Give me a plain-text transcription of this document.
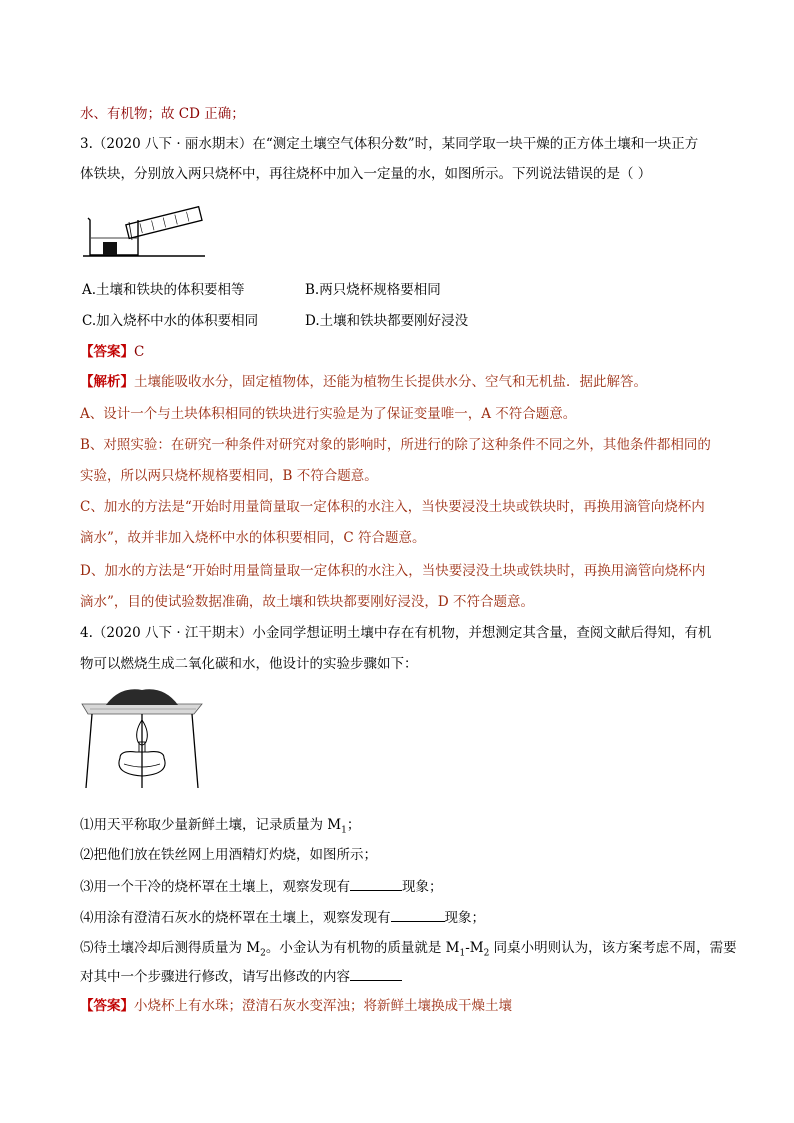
水、有机物；故 CD 正确；
3.（2020 八下 · 丽水期末）在“测定土壤空气体积分数”时，某同学取一块干燥的正方体土壤和一块正方
体铁块，分别放入两只烧杯中，再往烧杯中加入一定量的水，如图所示。下列说法错误的是（ ）
A.土壤和铁块的体积要相等	B.两只烧杯规格要相同
C.加入烧杯中水的体积要相同	D.土壤和铁块都要刚好浸没
【答案】C
【解析】土壤能吸收水分，固定植物体，还能为植物生长提供水分、空气和无机盐．据此解答。
A、设计一个与土块体积相同的铁块进行实验是为了保证变量唯一，A 不符合题意。
B、对照实验：在研究一种条件对研究对象的影响时，所进行的除了这种条件不同之外，其他条件都相同的
实验，所以两只烧杯规格要相同，B 不符合题意。
C、加水的方法是“开始时用量筒量取一定体积的水注入，当快要浸没土块或铁块时，再换用滴管向烧杯内
滴水”，故并非加入烧杯中水的体积要相同，C 符合题意。
D、加水的方法是“开始时用量筒量取一定体积的水注入，当快要浸没土块或铁块时，再换用滴管向烧杯内
滴水”，目的使试验数据准确，故土壤和铁块都要刚好浸没，D 不符合题意。
4.（2020 八下 · 江干期末）小金同学想证明土壤中存在有机物，并想测定其含量，查阅文献后得知，有机
物可以燃烧生成二氧化碳和水，他设计的实验步骤如下：
⑴用天平称取少量新鲜土壤，记录质量为 $M_1$；
⑵把他们放在铁丝网上用酒精灯灼烧，如图所示；
⑶用一个干冷的烧杯罩在土壤上，观察发现有	现象；
⑷用涂有澄清石灰水的烧杯罩在土壤上，观察发现有	现象；
⑸待土壤冷却后测得质量为 $M_2$。小金认为有机物的质量就是 $M_1-M_2$ 同桌小明则认为，该方案考虑不周，需要
对其中一个步骤进行修改，请写出修改的内容
【答案】小烧杯上有水珠；澄清石灰水变浑浊；将新鲜土壤换成干燥土壤
